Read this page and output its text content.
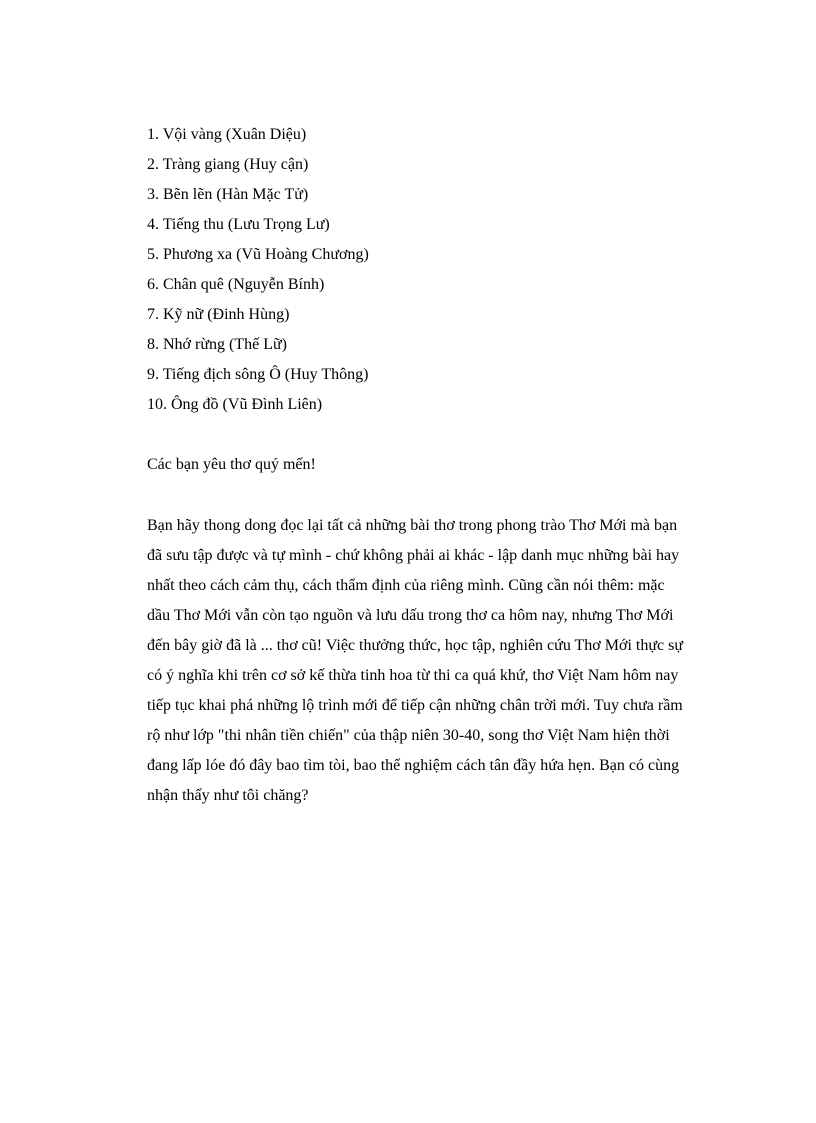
1. Vội vàng (Xuân Diệu)
2. Tràng giang (Huy cận)
3. Bẽn lẽn (Hàn Mặc Tử)
4. Tiếng thu (Lưu Trọng Lư)
5. Phương xa (Vũ Hoàng Chương)
6. Chân quê (Nguyễn Bính)
7. Kỹ nữ (Đinh Hùng)
8. Nhớ rừng (Thế Lữ)
9. Tiếng địch sông Ô (Huy Thông)
10. Ông đồ (Vũ Đình Liên)

Các bạn yêu thơ quý mến!

Bạn hãy thong dong đọc lại tất cả những bài thơ trong phong trào Thơ Mới mà bạn đã sưu tập được và tự mình - chứ không phải ai khác - lập danh mục những bài hay nhất theo cách cảm thụ, cách thẩm định của riêng mình. Cũng cần nói thêm: mặc dầu Thơ Mới vẫn còn tạo nguồn và lưu dấu trong thơ ca hôm nay, nhưng Thơ Mới đến bây giờ đã là ... thơ cũ! Việc thưởng thức, học tập, nghiên cứu Thơ Mới thực sự có ý nghĩa khi trên cơ sở kế thừa tinh hoa từ thi ca quá khứ, thơ Việt Nam hôm nay tiếp tục khai phá những lộ trình mới để tiếp cận những chân trời mới. Tuy chưa rầm rộ như lớp "thi nhân tiền chiến" của thập niên 30-40, song thơ Việt Nam hiện thời đang lấp lóe đó đây bao tìm tòi, bao thể nghiệm cách tân đầy hứa hẹn. Bạn có cùng nhận thấy như tôi chăng?
